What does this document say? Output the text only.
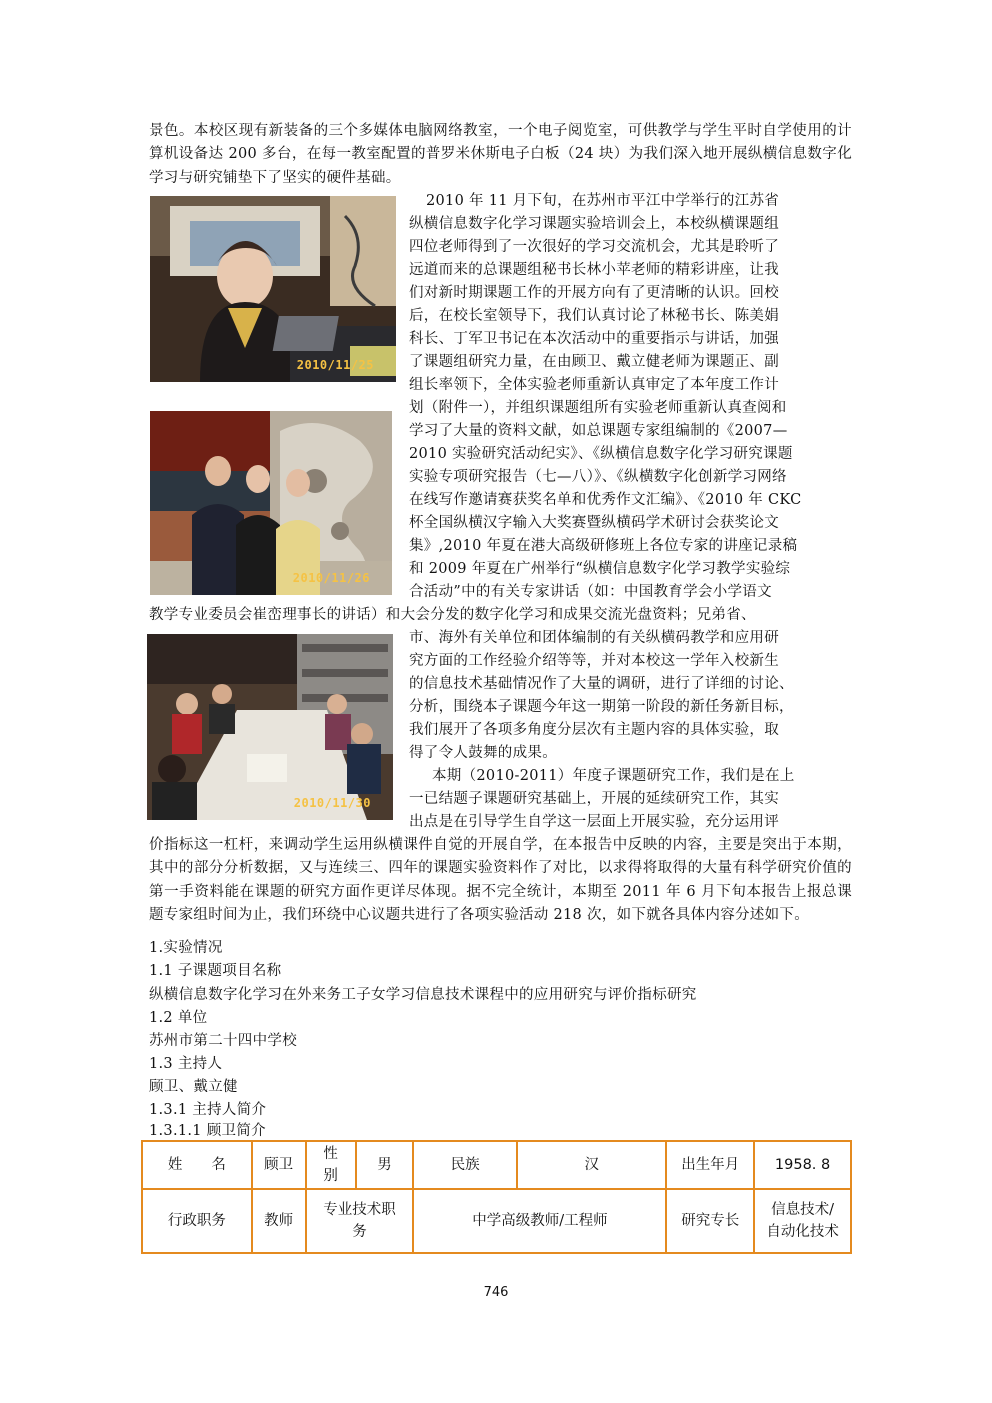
景色。本校区现有新装备的三个多媒体电脑网络教室，一个电子阅览室，可供教学与学生平时自学使用的计算机设备达 200 多台，在每一教室配置的普罗米休斯电子白板（24 块）为我们深入地开展纵横信息数字化学习与研究铺垫下了坚实的硬件基础。

2010/11/25
2010/11/26
2010/11/30

2010 年 11 月下旬，在苏州市平江中学举行的江苏省

纵横信息数字化学习课题实验培训会上，本校纵横课题组

四位老师得到了一次很好的学习交流机会，尤其是聆听了

远道而来的总课题组秘书长林小苹老师的精彩讲座，让我

们对新时期课题工作的开展方向有了更清晰的认识。回校

后，在校长室领导下，我们认真讨论了林秘书长、陈美娟

科长、丁军卫书记在本次活动中的重要指示与讲话，加强

了课题组研究力量，在由顾卫、戴立健老师为课题正、副

组长率领下，全体实验老师重新认真审定了本年度工作计

划（附件一），并组织课题组所有实验老师重新认真查阅和

学习了大量的资料文献，如总课题专家组编制的《2007—

2010 实验研究活动纪实》、《纵横信息数字化学习研究课题

实验专项研究报告（七—八）》、《纵横数字化创新学习网络

在线写作邀请赛获奖名单和优秀作文汇编》、《2010 年 CKC

杯全国纵横汉字输入大奖赛暨纵横码学术研讨会获奖论文

集》,2010 年夏在港大高级研修班上各位专家的讲座记录稿

和 2009 年夏在广州举行“纵横信息数字化学习教学实验综

合活动”中的有关专家讲话（如：中国教育学会小学语文

教学专业委员会崔峦理事长的讲话）和大会分发的数字化学习和成果交流光盘资料；兄弟省、

市、海外有关单位和团体编制的有关纵横码教学和应用研

究方面的工作经验介绍等等，并对本校这一学年入校新生

的信息技术基础情况作了大量的调研，进行了详细的讨论、

分析，围绕本子课题今年这一期第一阶段的新任务新目标，

我们展开了各项多角度分层次有主题内容的具体实验，取

得了令人鼓舞的成果。

本期（2010-2011）年度子课题研究工作，我们是在上

一已结题子课题研究基础上，开展的延续研究工作，其实

出点是在引导学生自学这一层面上开展实验，充分运用评

价指标这一杠杆，来调动学生运用纵横课件自觉的开展自学，在本报告中反映的内容，主要是突出于本期，其中的部分分析数据，又与连续三、四年的课题实验资料作了对比，以求得将取得的大量有科学研究价值的第一手资料能在课题的研究方面作更详尽体现。据不完全统计，本期至 2011 年 6 月下旬本报告上报总课题专家组时间为止，我们环绕中心议题共进行了各项实验活动 218 次，如下就各具体内容分述如下。

1.实验情况

1.1 子课题项目名称

纵横信息数字化学习在外来务工子女学习信息技术课程中的应用研究与评价指标研究

1.2 单位

苏州市第二十四中学校

1.3 主持人

顾卫、戴立健

1.3.1 主持人简介

1.3.1.1 顾卫简介

姓　　名	顾卫	性别	男	民族	汉	出生年月	1958. 8
行政职务	教师	专业技术职务		中学高级教师/工程师		研究专长	信息技术/自动化技术
746
